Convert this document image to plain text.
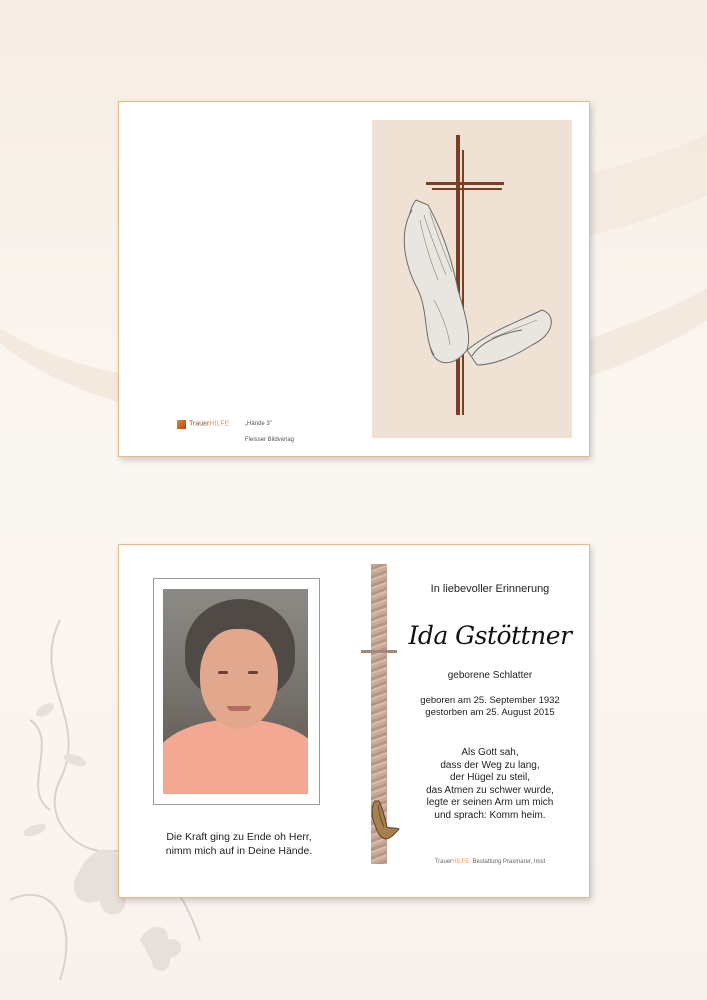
TrauerHILFE	„Hände 3"
Fleisser Bildverlag
Die Kraft ging zu Ende oh Herr,
nimm mich auf in Deine Hände.
In liebevoller Erinnerung
Ida Gstöttner
geborene Schlatter
geboren am 25. September 1932
gestorben am 25. August 2015
Als Gott sah,
dass der Weg zu lang,
der Hügel zu steil,
das Atmen zu schwer wurde,
legte er seinen Arm um mich
und sprach: Komm heim.
TrauerHILFE Bestattung Praxmarer, Imst
